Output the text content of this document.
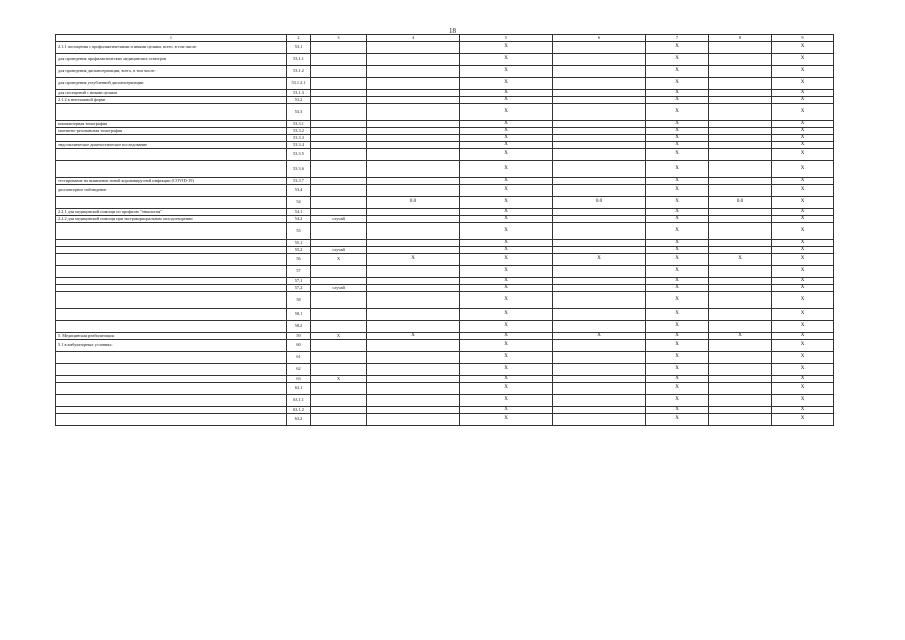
18
1	2	3	4	5	6	7	8	9
2.1.1 посещения с профилактическими и иными целями, всего, в том числе:	53,1			X		X		X
для проведения профилактических медицинских осмотров	53.1.1			X		X		X
для проведения диспансеризации, всего, в том числе:	53.1.2			X		X		X
для проведения углубленной диспансеризации	53.1.2.1			X		X		X
для посещений с иными целями	53.1.3			X		X		X
2.1.2 в неотложной форме	53,2			X		X		X
	53,3			X		X		X
компьютерная томография	53.3.1			X		X		X
магнитно-резонансная томография	53.3.2			X		X		X
	53.3.3			X		X		X
эндоскопическое диагностическое исследование	53.3.4			X		X		X
	53.3.5			X		X		X
	53.3.6			X		X		X
тестирование на выявление новой коронавирусной инфекции (COVID-19)	53.3.7			X		X		X
диспансерное наблюдение	53,4			X		X		X
	54		0.0	X	0.0	X	0.0	X
2.2.1 для медицинской помощи по профилю "онкология"	54,1			X		X		X
2.2.2 для медицинской помощи при экстракорпоральном оплодотворении	54,2	случай		X		X		X
	55			X		X		X
	55,1			X		X		X
	55,2	случай		X		X		X
	56	X	X	X	X	X	X	X
	57			X		X		X
	57,1			X		X		X
	57,2	случай		X		X		X
	58			X		X		X
	58,1			X		X		X
	58,2			X		X		X
5. Медицинская реабилитация:	59	X	X	X	X	X	X	X
5.1 в амбулаторных условиях:	60			X		X		X
	61			X		X		X
	62			X		X		X
	63	X		X		X		X
	63,1			X		X		X
	63.1.1			X		X		X
	63.1.2			X		X		X
	63,2			X		X		X
